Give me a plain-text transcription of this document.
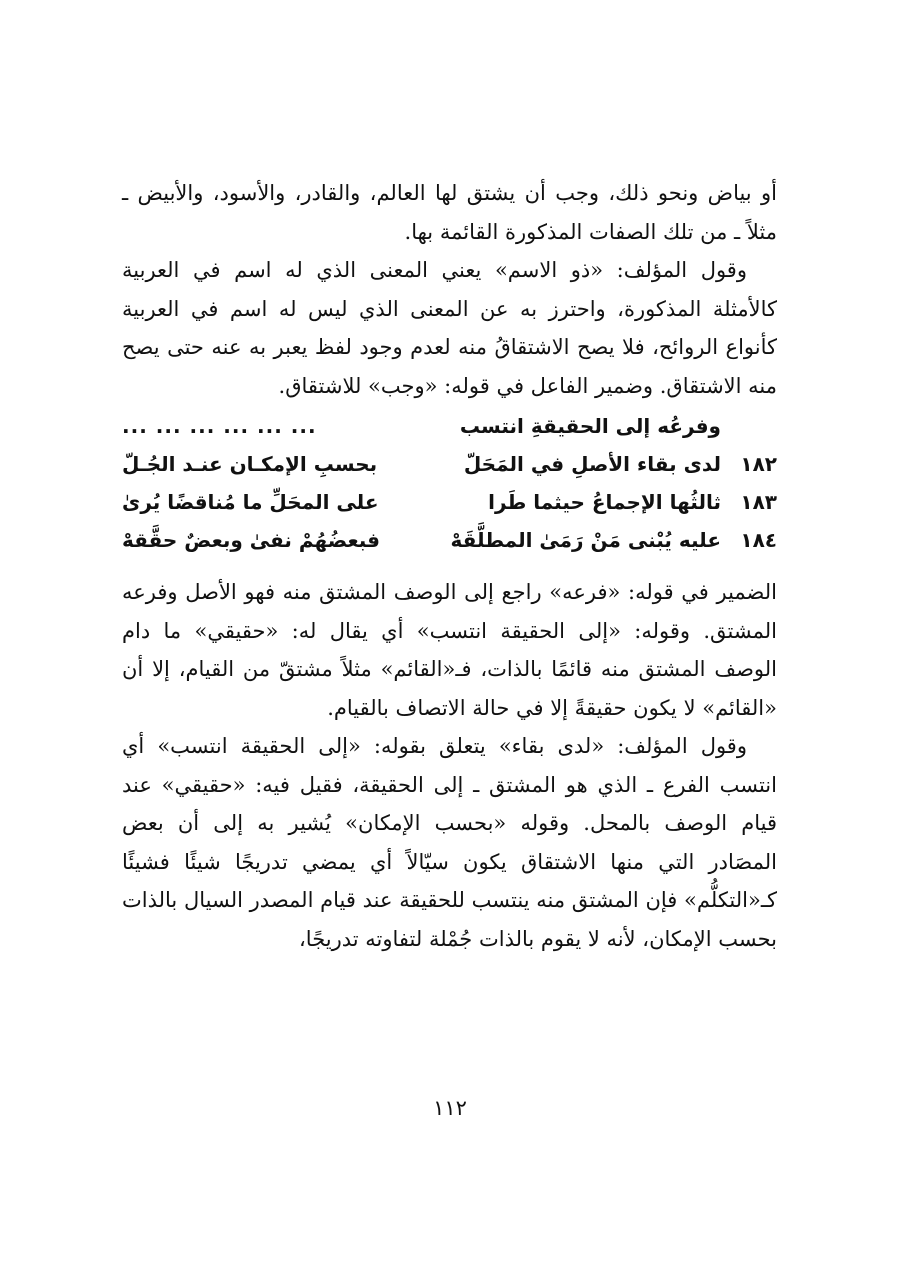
أو بياض ونحو ذلك، وجب أن يشتق لها العالم، والقادر، والأسود، والأبيض ـ مثلاً ـ من تلك الصفات المذكورة القائمة بها.

وقول المؤلف: «ذو الاسم» يعني المعنى الذي له اسم في العربية كالأمثلة المذكورة، واحترز به عن المعنى الذي ليس له اسم في العربية كأنواع الروائح، فلا يصح الاشتقاقُ منه لعدم وجود لفظ يعبر به عنه حتى يصح منه الاشتقاق. وضمير الفاعل في قوله: «وجب» للاشتقاق.

وفرعُه إلى الحقيقةِ انتسب
... ... ... ... ... ...
١٨٢
لدى بقاء الأصلِ في المَحَلّ
بحسبِ الإمكـان عنـد الجُـلّ
١٨٣
ثالثُها الإجماعُ حيثما طَرا
على المحَلِّ ما مُناقضًا يُرىٰ
١٨٤
عليه يُبْنى مَنْ رَمَىٰ المطلَّقَهْ
فبعضُهُمْ نفىٰ وبعضٌ حقَّقهْ

الضمير في قوله: «فرعه» راجع إلى الوصف المشتق منه فهو الأصل وفرعه المشتق. وقوله: «إلى الحقيقة انتسب» أي يقال له: «حقيقي» ما دام الوصف المشتق منه قائمًا بالذات، فـ«القائم» مثلاً مشتقّ من القيام، إلا أن «القائم» لا يكون حقيقةً إلا في حالة الاتصاف بالقيام.

وقول المؤلف: «لدى بقاء» يتعلق بقوله: «إلى الحقيقة انتسب» أي انتسب الفرع ـ الذي هو المشتق ـ إلى الحقيقة، فقيل فيه: «حقيقي» عند قيام الوصف بالمحل. وقوله «بحسب الإمكان» يُشير به إلى أن بعض المصَادر التي منها الاشتقاق يكون سيّالاً أي يمضي تدريجًا شيئًا فشيئًا كـ«التكلُّم» فإن المشتق منه ينتسب للحقيقة عند قيام المصدر السيال بالذات بحسب الإمكان، لأنه لا يقوم بالذات جُمْلة لتفاوته تدريجًا،

١١٢
